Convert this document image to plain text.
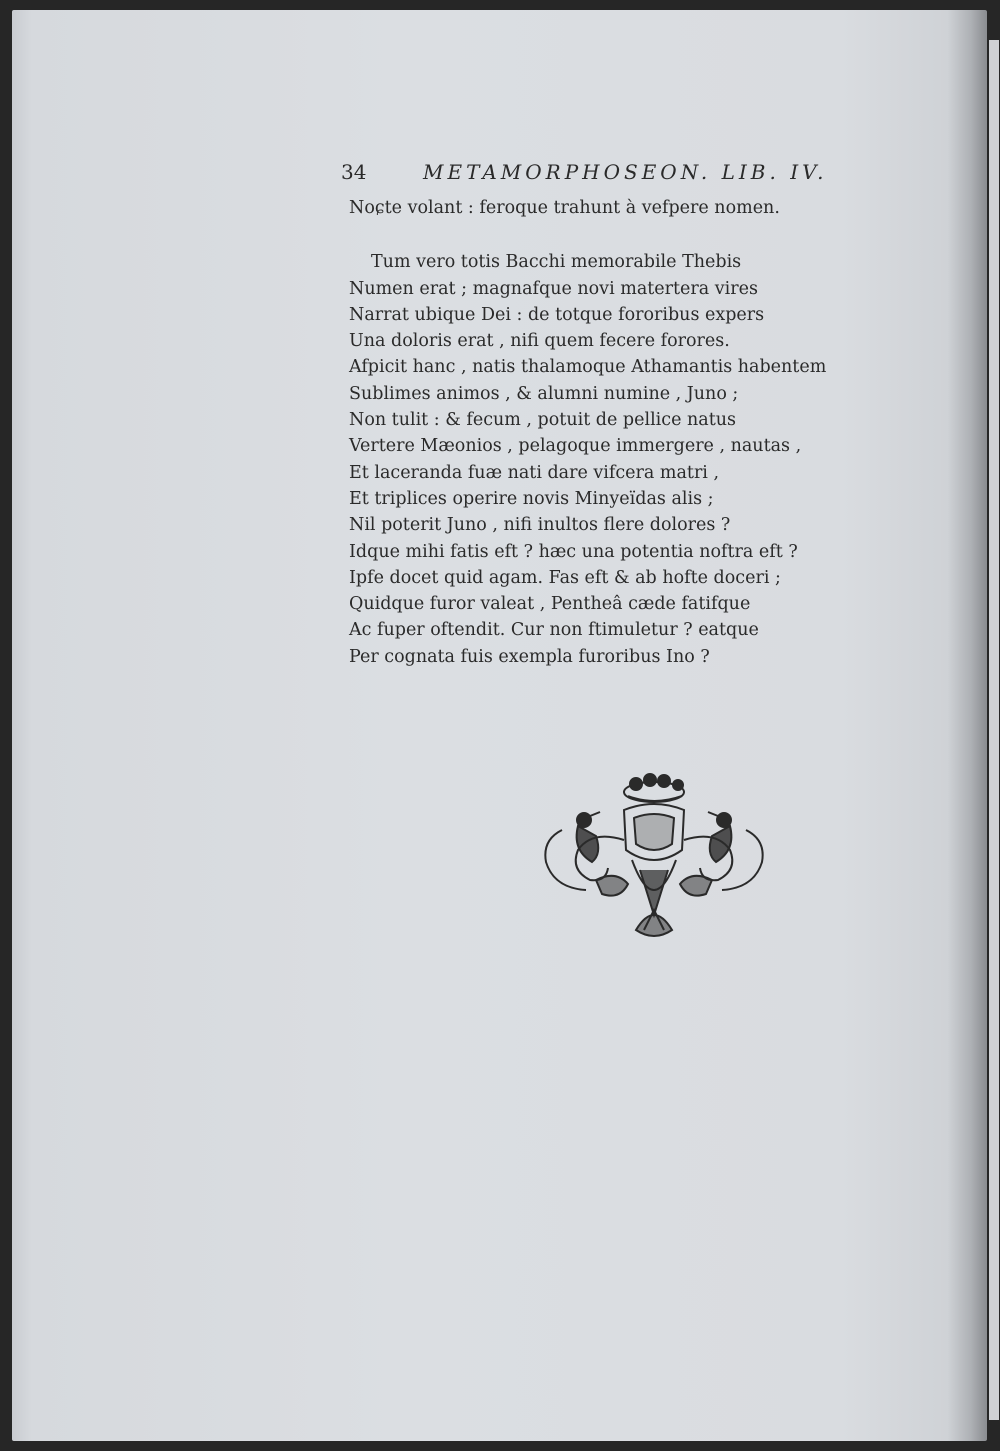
34	METAMORPHOSEON. LIB. IV.
Noɕte volant : feroque trahunt à vefpere nomen.
Tum vero totis Bacchi memorabile Thebis
Numen erat ; magnafque novi matertera vires
Narrat ubique Dei : de totque fororibus expers
Una doloris erat , nifi quem fecere forores.
Afpicit hanc , natis thalamoque Athamantis habentem
Sublimes animos , & alumni numine , Juno ;
Non tulit : & fecum , potuit de pellice natus
Vertere Mæonios , pelagoque immergere , nautas ,
Et laceranda fuæ nati dare vifcera matri ,
Et triplices operire novis Minyeïdas alis ;
Nil poterit Juno , nifi inultos flere dolores ?
Idque mihi fatis eft ? hæc una potentia noftra eft ?
Ipfe docet quid agam. Fas eft & ab hofte doceri ;
Quidque furor valeat , Pentheâ cæde fatifque
Ac fuper oftendit. Cur non ftimuletur ? eatque
Per cognata fuis exempla furoribus Ino ?
